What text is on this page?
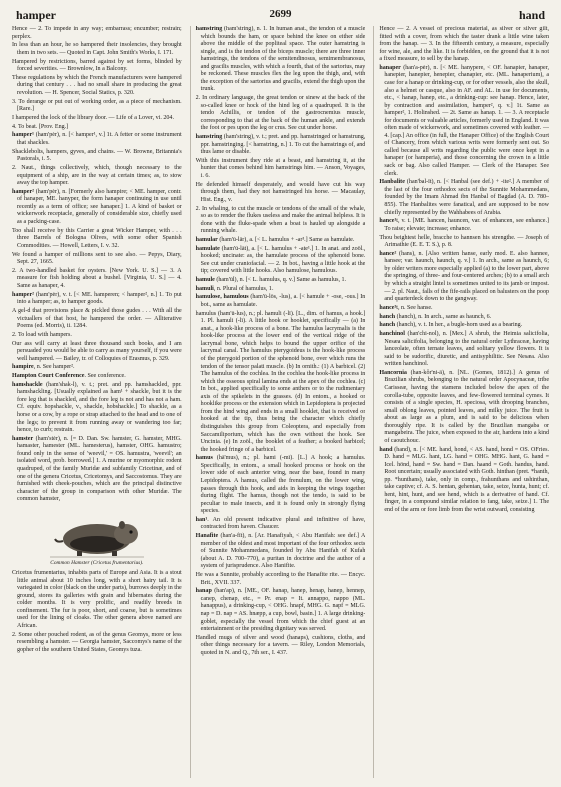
hamper	2699	hand

Hence — 2. To impede in any way; embarrass; encumber; restrain; perplex.

In less than an hour, he so hampered their insolencies, they brought them in two sets. — Quoted in Capt. John Smith's Works, I. 171.

Hampered by restrictions, barred against by set forms, blinded by forced severities. — Brownlow, In a Balcony.

These regulations by which the French manufacturers were hampered during that century . . . had no small share in producing the great revolution. — H. Spencer, Social Statics, p. 320.

3. To derange or put out of working order, as a piece of mechanism. [Rare.]

I hampered the lock of the library door. — Life of a Lover, vi. 204.

4. To beat. [Prov. Eng.]

hamper¹ (ham'pėr), n. [< hamper¹, v.] 1t. A fetter or some instrument that shackles.

Shacklebolts, hampers, gyves, and chains. — W. Browne, Britannia's Pastorals, i. 5.

2. Naut., things collectively, which, though necessary to the equipment of a ship, are in the way at certain times; as, to stow away the top hamper.

hamper² (ham'pėr), n. [Formerly also hampire; < ME. hamper, contr. of hanaper, ME. hanyper, the form hanaper continuing in use until recently as a term of office; see hanaper.] 1. A kind of basket or wickerwork receptacle, generally of considerable size, chiefly used as a packing-case.

Too shall receive by this Carrier a great Wicker Hamper, with . . . three Barrels of Bologna Olives, with some other Spanish Commodities. — Howell, Letters, I. v. 32.

We found a hamper of millions sent to see also. — Pepys, Diary, Sept. 27, 1665.

2. A two-handled basket for oysters. [New York. U. S.] — 3. A measure for fish holding about a bushel. [Virginia, U. S.] — 4. Same as hanaper, 4.

hamper² (ham'pėr), v. t. [< ME. hamperen; < hamper², n.] 1. To put into a hamper; as, to hamper goods.

A gel-d that provisions place & pickled those gudes . . . With all the victuallers of that host, he hampered the order. — Alliterative Poems (ed. Morris), ii. 1284.

2. To load with hampers.

Our ass will carry at least three thousand such books, and I am persuaded you would be able to carry as many yourself, if you were well hampered. — Bailey, tr. of Colloquies of Erasmus, p. 329.

hampire, n. See hamper².

Hampton Court Conference. See conference.

hamshackle (ham'shak-l), v. t.; pret. and pp. hamshackled, ppr. hamshackling. [Usually explained as ham¹ + shackle, but it is the fore leg that is shackled, and the fore leg is not and has not a ham. Cf. equiv. hopshackle, v., shackle, hobshackle.] To shackle, as a horse or a cow, by a rope or strap attached to the head and to one of the legs; to prevent it from running away or wandering too far; hence, to curb; restrain.

hamster (ham'stėr), n. [= D. Dan. Sw. hamster, G. hamster, MHG. hamaster, hamester (ML. hamesterus), hamster, OHG. hamustro; found only in the sense of 'weevil,' = OS. hamustra, 'weevil'; an isolated word, prob. borrowed.] 1. A murine or myomorphic rodent quadruped, of the family Muridæ and subfamily Cricetinæ, and of one of the genera Cricetus, Cricetomys, and Saccostomus. They are furnished with cheek-pouches, which are the principal distinctive character of the group in comparison with other Muridæ. The common hamster,

Common Hamster (Cricetus frumentarius).

Cricetus frumentarius, inhabits parts of Europe and Asia. It is a stout little animal about 10 inches long, with a short hairy tail. It is variegated in color (black on the under parts), burrows deeply in the ground, stores its galleries with grain and hibernates during the colder months. It is very prolific, and readily breeds in confinement. The fur is poor, short, and coarse, but is sometimes used for the lining of cloaks. The other genera above named are African.

2. Some other pouched rodent, as of the genus Geomys, more or less resembling a hamster. — Georgia hamster, Saccomys's name of the gopher of the southern United States, Geomys tuza.

hamstring (ham'string), n. 1. In human anat., the tendon of a muscle which bounds the ham, or space behind the knee on either side above the middle of the popliteal space. The outer hamstring is single, and is the tendon of the biceps muscle; there are three inner hamstrings, the tendons of the semitendinosus, semimembranosus, and gracilis muscles, with which a fourth, that of the sartorius, may be reckoned. These muscles flex the leg upon the thigh, and, with the exception of the sartorius and gracilis, extend the thigh upon the trunk.

2. In ordinary language, the great tendon or sinew at the back of the so-called knee or hock of the hind leg of a quadruped. It is the tendo Achillis, or tendon of the gastrocnemius muscle, corresponding to that at the back of the human ankle, and extends the foot or pes upon the leg or crus. See cut under horse.

hamstring (ham'string), v. t.; pret. and pp. hamstringed or hamstrung, ppr. hamstringing. [< hamstring, n.] 1. To cut the hamstrings of, and thus lame or disable.

With this instrument they ride at a beast, and hamstring it, at the hunter that comes behind him hamstrings him. — Anson, Voyages, i. 6.

He defended himself desperately, and would have cut his way through them, had they not hamstringed his horse. — Macaulay, Hist. Eng., v.

2. In whaling, to cut the muscle or tendons of the small of the whale, so as to render the flukes useless and make the animal helpless. It is done with the fluke-spade when a boat is hauled up alongside a running whale.

hamular (ham'ū-lär), a. [< L. hamulus + -ar³.] Same as hamulate.

hamulate (ham'ū-lāt), a. [< L. hamulus + -ate¹.] 1. In anat. and zoöl., hooked; uncinate: as, the hamulate process of the sphenoid bone. See cut under craniofacial. — 2. In bot., having a little hook at the tip; covered with little hooks. Also hamulose, hamulous.

hamule (ham'ūl), n. [< L. hamulus, q. v.] Same as hamulus, 1.

hamuli, n. Plural of hamulus, 1.

hamulose, hamulous (ham'ū-lōs, -lus), a. [< hamule + -ose, -ous.] In bot., same as hamulate.

hamulus (ham'ū-lus), n.; pl. hamuli (-lī). [L., dim. of hamus, a hook.] 1. Pl. hamuli (-lī). A little hook or hooklet, specifically — (a) In anat., a hook-like process of a bone. The hamulus lacrymalis is the hook-like process at the lower end of the vertical ridge of the lacrymal bone, which helps to bound the upper orifice of the lacrymal canal. The hamulus pterygoideus is the hook-like process of the pterygoid portion of the sphenoid bone, over which runs the tendon of the tensor palati muscle. (b) In ornith.: (1) A barbicel. (2) The hamulus of the cochlea. In the cochlea the hook-like process in which the osseous spiral lamina ends at the apex of the cochlea. (c) In bot., applied specifically to some anthers or to the rudimentary axis of the spikelets in the grasses. (d) In entom., a hooked or hooklike process or the extension which in Lepidoptera is projected from the hind wing and ends in a small hooklet, that is received or hooked at the tip, thus being the character which chiefly distinguishes this group from Coleoptera, and especially from Saccamiliporium, which has the own without the hook. See Uncinia. (e) In zoöl., the booklet of a feather; a booked barbicel; the hooked fringe of a barbicel.

hamus (hā'mus), n.; pl. hami (-mī). [L.] A hook; a hamulus. Specifically, in entom., a small hooked process or hook on the lower side of each anterior wing, near the base, found in many Lepidoptera. A hamus, called the frenulum, on the lower wing, passes through this hook, and aids in keeping the wings together during flight. The hamus, though not the tendo, is said to be peculiar to male insects, and it is found only in strongly flying species.

han¹. An old present indicative plural and infinitive of have, contracted from haven. Chaucer.

Hanafite (han'a-fīt), n. [Ar. Hanafiyah, < Abu Hanifah: see def.] A member of the oldest and most important of the four orthodox sects of Sunnite Mohammedans, founded by Abu Hanifah of Kufah (about A. D. 700–770), a puritan in doctrine and the author of a system of jurisprudence. Also Hanifite.

He was a Sunnite, probably according to the Hanafite rite. — Encyc. Brit., XVII. 337.

hanap (han'ap), n. [ME., OF. hanap, hanep, henap, hanep, hennep, canep, chenap, etc., = Pr. enap = It. annappo, nappo (ML. hanappus), a drinking-cup, < OHG. hnapf, MHG. G. napf = MLG. nap = D. nap = AS. hnæpp, a cup, bowl, basin.] 1. A large drinking-goblet, especially the vessel from which the chief guest at an entertainment or the presiding dignitary was served.

Handled mugs of silver and wood (hanaps), cushions, cloths, and other things necessary for a tavern. — Riley, London Memorials, quoted in N. and Q., 7th ser., I. 437.

Hence — 2. A vessel of precious material, as silver or silver gilt, fitted with a cover, from which the taster drank a little wine taken from the hanap. — 3. In the fifteenth century, a measure, especially for wine, ale, and the like. It is forbidden, on the ground that it is not a fixed measure, to sell by the hanap.

hanaper (han'a-pėr), n. [< ME. hanypere, < OF. hanapier, hanaper, hanepier, hanepier, henepier, chanapier, etc. (ML. hanaperium), a case for a hanap or drinking-cup, or for other vessels, also the skull, also a helmet or casque, also in AF. and AL. in use for documents, etc., < hanap, hanep, etc., a drinking-cup: see hanap. Hence, later, by contraction and assimilation, hamper², q. v.] 1t. Same as hamper², 1. Holinshed. — 2t. Same as hanap. 1. — 3. A receptacle for documents or valuable articles, formerly used in England. It was often made of wickerwork, and sometimes covered with leather. — 4. [cap.] An office (in full, the Hanaper Office) of the English Court of Chancery, from which various writs were formerly sent out. So called because all writs regarding the public were once kept in a hanaper (or hamperia), and those concerning the crown in a little sack or bag. Also called Hamper. — Clerk of the Hanaper. See clerk.

Hanbalite (han'bal-īt), n. [< Hanbal (see def.) + -ite².] A member of the last of the four orthodox sects of the Sunnite Mohammedans, founded by the Imam Ahmad ibn Hanbal of Bagdad (A. D. 780–855). The Hanbalites were fanatical, and are supposed to be now chiefly represented by the Wahhabees of Arabia.

hance¹t, v. t. [ME. hancen, hauncen, var. of enhancen, see enhance.] To raise; elevate; increase; enhance.

Thou beightest helle, bracche to hannsen his strengthe. — Joseph of Arimathie (E. E. T. S.), p. 8.

hance² (hans), n. [Also written hanse, early mod. E. also hannee, hansee; var. haunch, haunch, q. v.] 1. In arch., same as haunch, 6; by older writers more especially applied (a) to the lower part, above the springing, of three- and four-centered arches; (b) to a small arch by which a straight lintel is sometimes united to its jamb or impost. — 2. pl. Naut., falls of the fife-rails placed on balusters on the poop and quarterdeck down to the gangway.

hance³t, n. See hanse.

hanch (hanch), n. In arch., same as haunch, 6.

hanch (hanch), v. t. In her., a bugle-horn used as a bearing.

hanchinol (han'chi-nol), n. [Mex.] A shrub, the Heimia salicifolia, Nesæa salicifolia, belonging to the natural order Lythraceæ, having lanceolate, often ternate leaves, and solitary yellow flowers. It is said to be sudorific, diuretic, and antisyphilitic. See Nesæa. Also written hanchinol.

Hancornia (han-kôr'ni-ä), n. [NL. (Gomes, 1812).] A genus of Brazilian shrubs, belonging to the natural order Apocynaceæ, tribe Carisseæ, having the stamens included below the apex of the corolla-tube, opposite leaves, and few-flowered terminal cymes. It consists of a single species, H. speciosa, with drooping branches, small oblong leaves, pointed leaves, and milky juice. The fruit is about as large as a plum, and is said to be delicious when thoroughly ripe. It is called by the Brazilian mangaba or mangabeira. The juice, when exposed to the air, hardens into a kind of caoutchouc.

hand (hand), n. [< ME. hand, hond, < AS. hand, hond = OS. OFries. D. hand = MLG. hant, LG. hand = OHG. MHG. hant, G. hand = Icel. hönd, hand = Sw. hand = Dan. haand = Goth. handus, hand. Root uncertain; usually associated with Goth. hinthan (pret. *hanth, pp. *hunthans), take, only in comp., frahunthans and ushinthan, take captive; cf. A. S. hentan, gehentan, take, seize, hunta, hunt; cf. hent, hint, hunt, and see hend, which is a derivative of hand. Cf. finger, in a compound similar relation to fang, take, seize.] 1. The end of the arm or fore limb from the wrist outward, consisting
